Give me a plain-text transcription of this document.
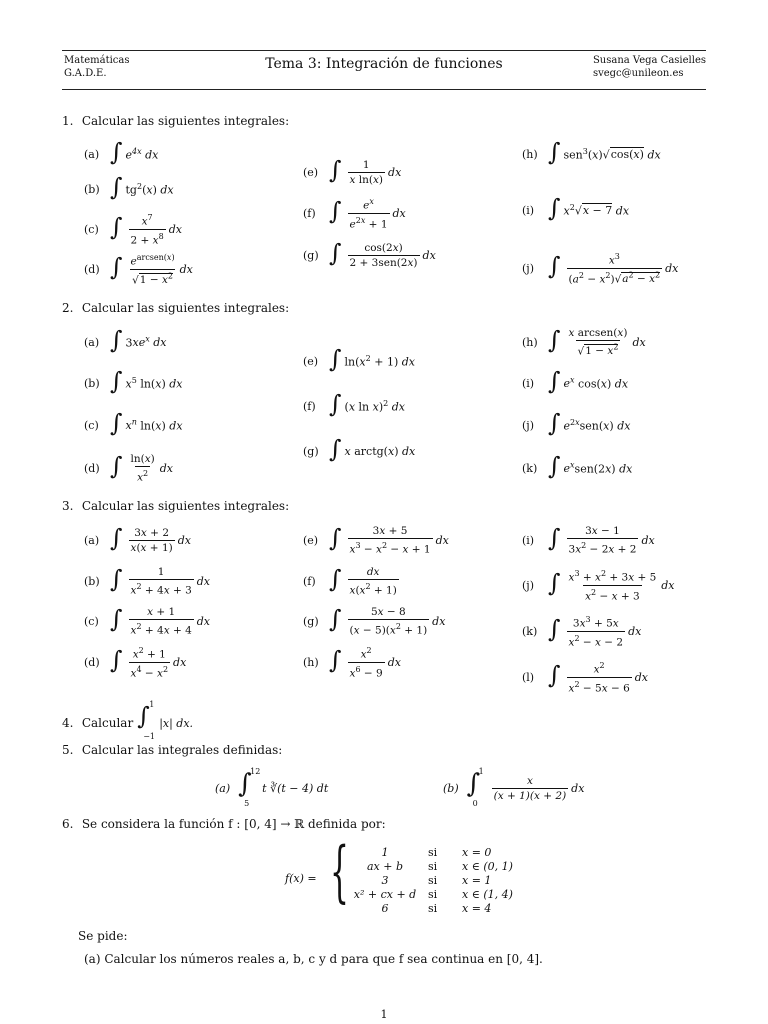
Matemáticas
G.A.D.E.
Tema 3: Integración de funciones	Susana Vega Casielles
svegc@unileon.es
1. Calcular las siguientes integrales:
(a) ∫ $e^{4x}$ dx
(b) ∫ $tg^2(x)$ dx
(c) ∫ $x^7$
$2 + x^8$
dx
(d) ∫ $e^{arcsen(x)}$
$√1 - x^2$
dx
(e) ∫ 1
x ln(x)
dx
(f) ∫ $e^x$
$e^{2x} + 1$
dx
(g) ∫ cos(2x)
2 + 3sen(2x)
dx
(h) ∫ sen$^3$(x)√cos(x) dx
(i) ∫ $x^2√x - 7$ dx
(j) ∫	$x^3$
$(a^2 - x^2)√a^2 - x^2$
dx
2. Calcular las siguientes integrales:
(a) ∫ $3xe^x$ dx
(b) ∫ $x^5$ ln(x) dx
(c) ∫ $x^n$ ln(x) dx
(d) ∫ ln(x)
$x^2$ dx
(e) ∫ $\ln(x^2 + 1)$ dx
(f) ∫ (x ln x)$^2$ dx
(g) ∫ x arctg(x) dx
(h) ∫ x arcsen(x)
$√1 - x^2$ dx
(i) ∫ $e^x$ cos(x) dx
(j) ∫ $e^{2x}sen(x)$ dx
(k) ∫ $e^xsen(2x)$ dx
3. Calcular las siguientes integrales:
(a) ∫ 3x + 2
x(x + 1)
dx
(b) ∫	1
$x^2 + 4x + 3$
dx
(c) ∫ x + 1
$x^2 + 4x + 4$
dx
(d) ∫ $x^2 + 1$
$x^4 - x^2$
dx
(e) ∫	3x + 5
$x^3 - x^2 - x + 1$
dx
(f) ∫ dx
$x(x^2 + 1)$
(g) ∫	5x − 8
$(x - 5)(x^2 + 1)$
dx
(h) ∫ $x^2$
$x^6 - 9$
dx
(i) ∫ 3x − 1
$3x^2 - 2x + 2$
dx
(j) ∫ $x^3 + x^2 + 3x + 5$
$x^2 - x + 3$
dx
(k) ∫ $3x^3 + 5x$
$x^2 - x - 2$
dx
(l) ∫	$x^2$
$x^2 - 5x - 6$
dx
4.
Calcular ∫ 1
−1
|x| dx.
5. Calcular las integrales definidas:
(a) ∫
12
5
t ∛(t − 4) dt	(b) ∫
1
0
$\frac{x}{(x + 1)(x + 2)}$ dx
6. Se considera la función f : [0, 4] → ℝ definida por:
f(x) = {	1	si x = 0
ax + b	si x ∈ (0, 1)
3	si x = 1
x² + cx + d	si x ∈ (1, 4)
6	si x = 4
Se pide:
(a) Calcular los números reales a, b, c y d para que f sea continua en [0, 4].
1
